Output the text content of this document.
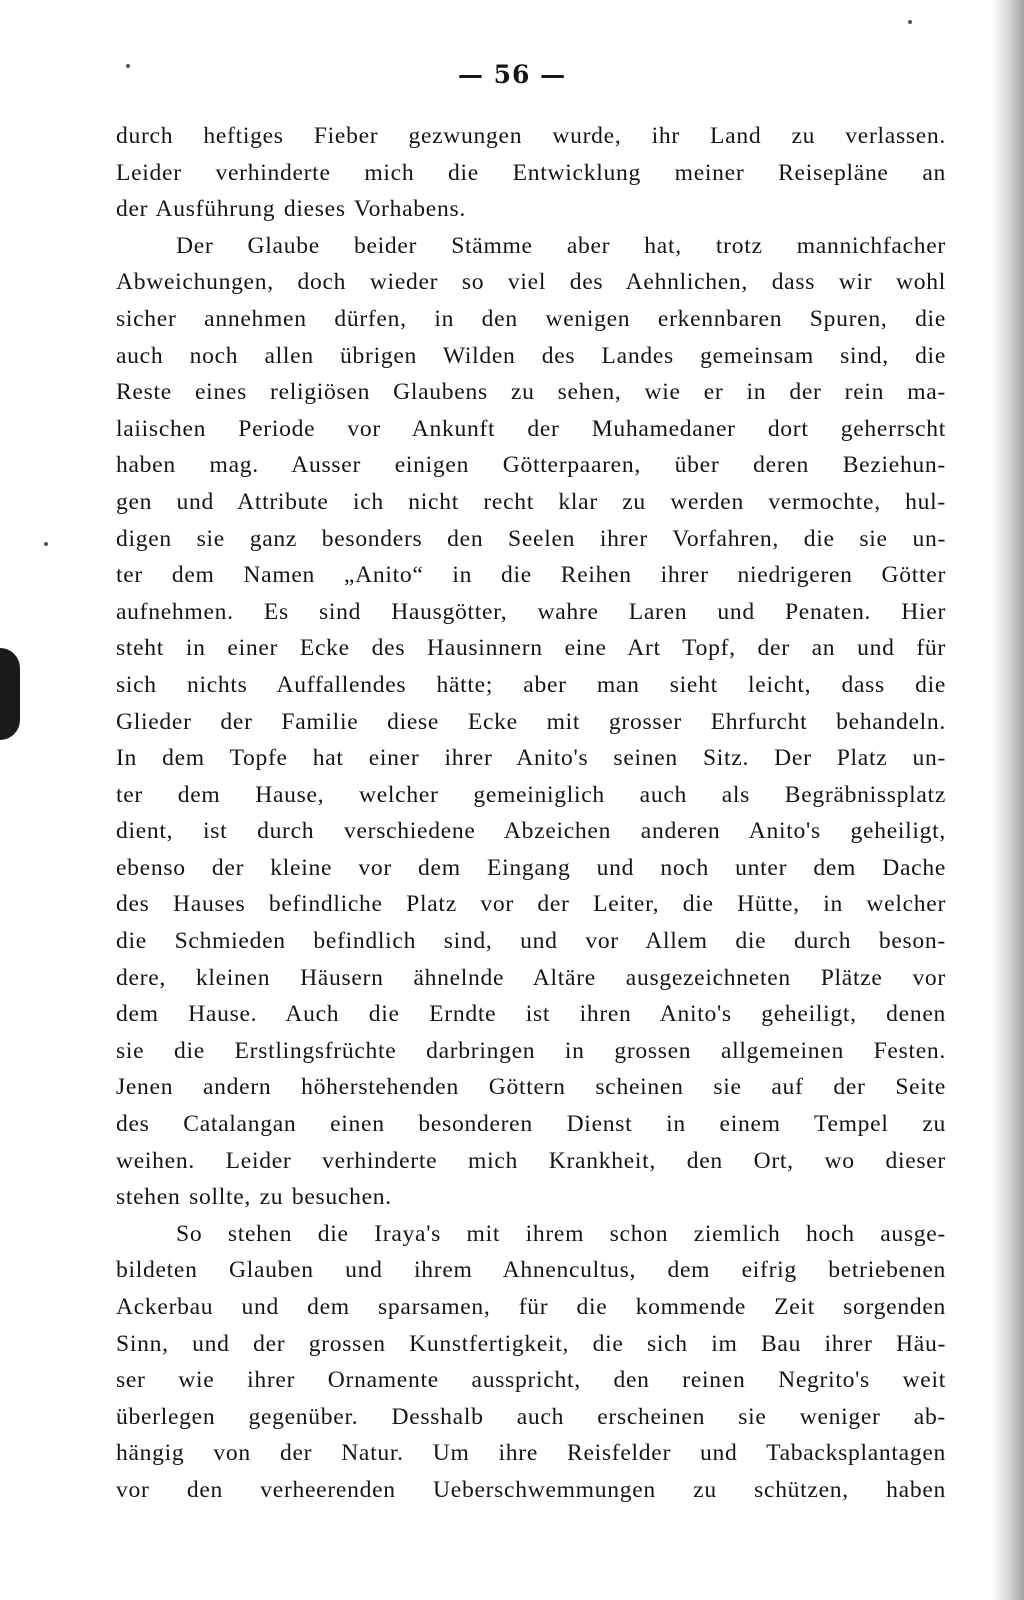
— 56 —
durch heftiges Fieber gezwungen wurde, ihr Land zu verlassen.
Leider verhinderte mich die Entwicklung meiner Reisepläne an
der Ausführung dieses Vorhabens.
Der Glaube beider Stämme aber hat, trotz mannichfacher
Abweichungen, doch wieder so viel des Aehnlichen, dass wir wohl
sicher annehmen dürfen, in den wenigen erkennbaren Spuren, die
auch noch allen übrigen Wilden des Landes gemeinsam sind, die
Reste eines religiösen Glaubens zu sehen, wie er in der rein ma-
laiischen Periode vor Ankunft der Muhamedaner dort geherrscht
haben mag. Ausser einigen Götterpaaren, über deren Beziehun-
gen und Attribute ich nicht recht klar zu werden vermochte, hul-
digen sie ganz besonders den Seelen ihrer Vorfahren, die sie un-
ter dem Namen „Anito“ in die Reihen ihrer niedrigeren Götter
aufnehmen. Es sind Hausgötter, wahre Laren und Penaten. Hier
steht in einer Ecke des Hausinnern eine Art Topf, der an und für
sich nichts Auffallendes hätte; aber man sieht leicht, dass die
Glieder der Familie diese Ecke mit grosser Ehrfurcht behandeln.
In dem Topfe hat einer ihrer Anito's seinen Sitz. Der Platz un-
ter dem Hause, welcher gemeiniglich auch als Begräbnissplatz
dient, ist durch verschiedene Abzeichen anderen Anito's geheiligt,
ebenso der kleine vor dem Eingang und noch unter dem Dache
des Hauses befindliche Platz vor der Leiter, die Hütte, in welcher
die Schmieden befindlich sind, und vor Allem die durch beson-
dere, kleinen Häusern ähnelnde Altäre ausgezeichneten Plätze vor
dem Hause. Auch die Erndte ist ihren Anito's geheiligt, denen
sie die Erstlingsfrüchte darbringen in grossen allgemeinen Festen.
Jenen andern höherstehenden Göttern scheinen sie auf der Seite
des Catalangan einen besonderen Dienst in einem Tempel zu
weihen. Leider verhinderte mich Krankheit, den Ort, wo dieser
stehen sollte, zu besuchen.
So stehen die Iraya's mit ihrem schon ziemlich hoch ausge-
bildeten Glauben und ihrem Ahnencultus, dem eifrig betriebenen
Ackerbau und dem sparsamen, für die kommende Zeit sorgenden
Sinn, und der grossen Kunstfertigkeit, die sich im Bau ihrer Häu-
ser wie ihrer Ornamente ausspricht, den reinen Negrito's weit
überlegen gegenüber. Desshalb auch erscheinen sie weniger ab-
hängig von der Natur. Um ihre Reisfelder und Tabacksplantagen
vor den verheerenden Ueberschwemmungen zu schützen, haben
